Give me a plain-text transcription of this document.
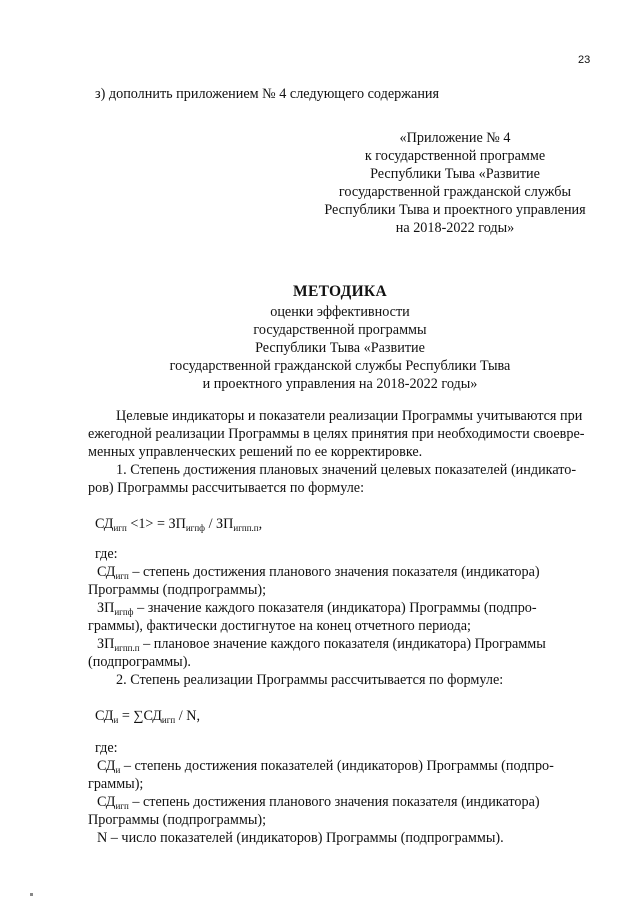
23
з) дополнить приложением № 4 следующего содержания
«Приложение № 4
к государственной программе
Республики Тыва «Развитие
государственной гражданской службы
Республики Тыва и проектного управления
на 2018-2022 годы»
МЕТОДИКА
оценки эффективности
государственной программы
Республики Тыва «Развитие
государственной гражданской службы Республики Тыва
и проектного управления на 2018-2022 годы»
Целевые индикаторы и показатели реализации Программы учитываются при
ежегодной реализации Программы в целях принятия при необходимости своевре-
менных управленческих решений по ее корректировке.
1. Степень достижения плановых значений целевых показателей (индикато-
ров) Программы рассчитывается по формуле:
$СД_{игп} <1> = ЗП_{игпф} / ЗП_{игпп.п}$,
где:
$СД_{игп}$ – степень достижения планового значения показателя (индикатора)
Программы (подпрограммы);
$ЗП_{игпф}$ – значение каждого показателя (индикатора) Программы (подпро-
граммы), фактически достигнутое на конец отчетного периода;
$ЗП_{игпп.п}$ – плановое значение каждого показателя (индикатора) Программы
(подпрограммы).
2. Степень реализации Программы рассчитывается по формуле:
$СД_и = \sum СД_{игп} / N$,
где:
$СД_и$ – степень достижения показателей (индикаторов) Программы (подпро-
граммы);
$СД_{игп}$ – степень достижения планового значения показателя (индикатора)
Программы (подпрограммы);
N – число показателей (индикаторов) Программы (подпрограммы).
